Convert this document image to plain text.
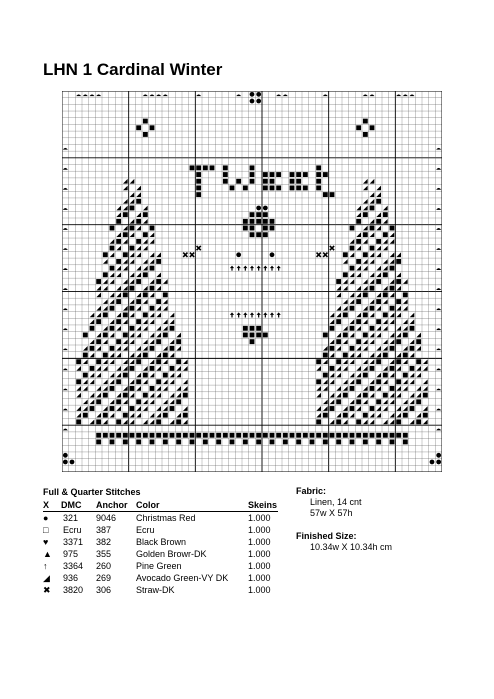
LHN 1 Cardinal Winter
Full & Quarter Stitches
X	DMC	Anchor	Color	Skeins
●	321	9046	Christmas Red	1.000
□	Ecru	387	Ecru	1.000
♥	3371	382	Black Brown	1.000
▲	975	355	Golden Browr-DK	1.000
↑	3364	260	Pine Green	1.000
◢	936	269	Avocado Green-VY DK	1.000
✖	3820	306	Straw-DK	1.000
Fabric:
Linen, 14 cnt
57w X 57h
Finished Size:
10.34w X 10.34h cm
